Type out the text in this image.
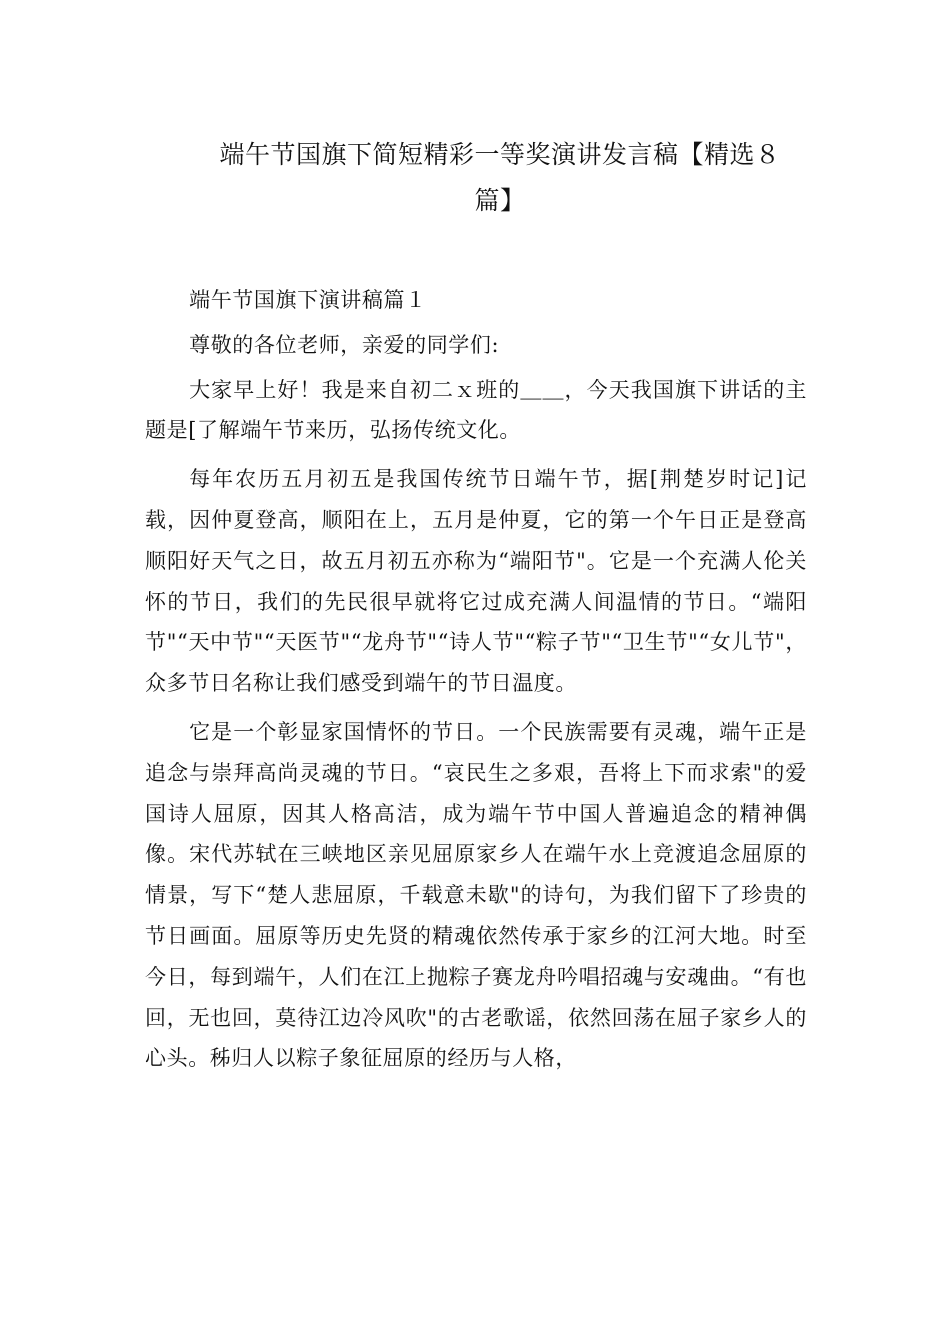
端午节国旗下简短精彩一等奖演讲发言稿【精选８篇】

端午节国旗下演讲稿篇１

尊敬的各位老师，亲爱的同学们:

大家早上好！我是来自初二ｘ班的＿＿，今天我国旗下讲话的主题是[了解端午节来历，弘扬传统文化。

每年农历五月初五是我国传统节日端午节，据[荆楚岁时记]记载，因仲夏登高，顺阳在上，五月是仲夏，它的第一个午日正是登高顺阳好天气之日，故五月初五亦称为“端阳节"。它是一个充满人伦关怀的节日，我们的先民很早就将它过成充满人间温情的节日。“端阳节"“天中节"“天医节"“龙舟节"“诗人节"“粽子节"“卫生节"“女儿节"，众多节日名称让我们感受到端午的节日温度。

它是一个彰显家国情怀的节日。一个民族需要有灵魂，端午正是追念与崇拜高尚灵魂的节日。“哀民生之多艰，吾将上下而求索"的爱国诗人屈原，因其人格高洁，成为端午节中国人普遍追念的精神偶像。宋代苏轼在三峡地区亲见屈原家乡人在端午水上竞渡追念屈原的情景，写下“楚人悲屈原，千载意未歇"的诗句，为我们留下了珍贵的节日画面。屈原等历史先贤的精魂依然传承于家乡的江河大地。时至今日，每到端午，人们在江上抛粽子赛龙舟吟唱招魂与安魂曲。“有也回，无也回，莫待江边冷风吹"的古老歌谣，依然回荡在屈子家乡人的心头。秭归人以粽子象征屈原的经历与人格，
